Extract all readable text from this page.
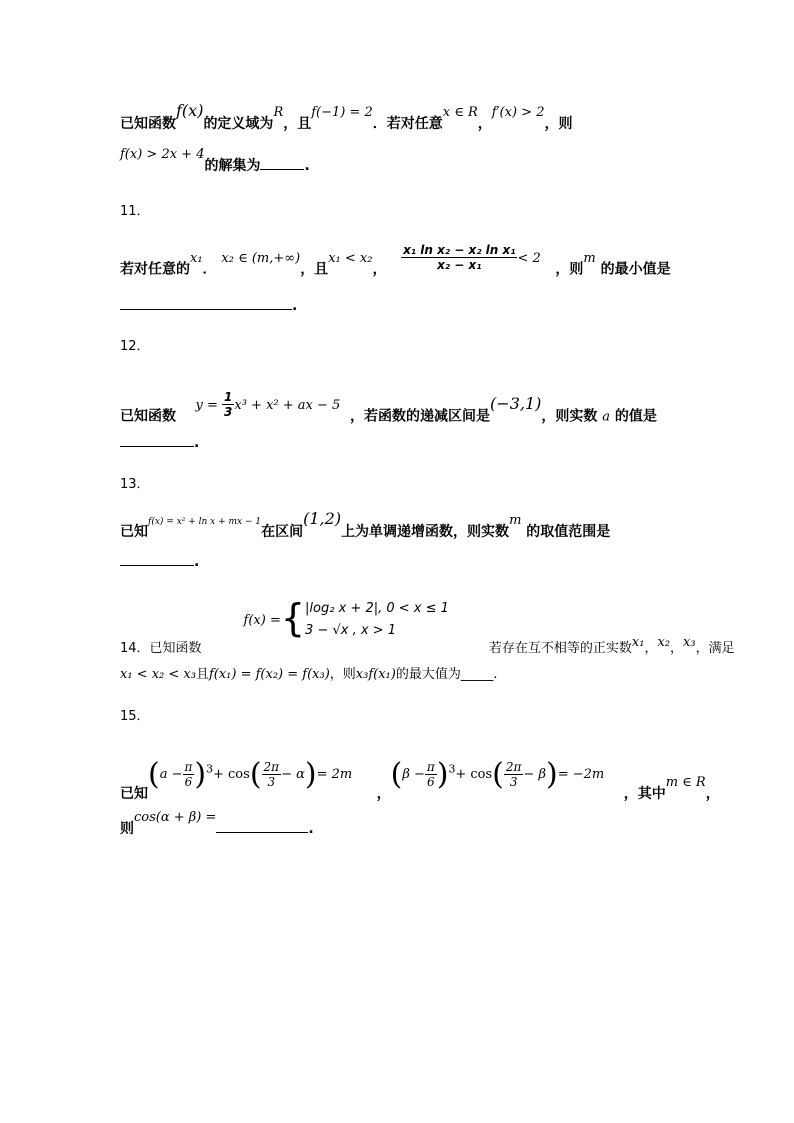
已知函数f(x)的定义域为R，且f(−1) = 2．若对任意x ∈ R，f′(x) > 2，则
f(x) > 2x + 4的解集为	.
11．
若对任意的x₁． x₂ ∈ (m,+∞)，且x₁ < x₂， $\frac{\text{x₁ ln x₂ − x₂ ln x₁}}{\text{x₂ − x₁}} < 2$   ，则m 的最小值是
.
12．
已知函数    $y = \frac{1}{3} x^3 + x^2$ + ax − 5  ，若函数的递减区间是(−3,1)，则实数 a 的值是
.
13．
已知$^{f(x) = x^2 + ln x + mx - 1}$在区间(1,2)上为单调递增函数，则实数m 的取值范围是
.
14．已知函数f(x) ={ |log₂ x + 2|, 0 < x ≤ 1
3 − √x , x > 1
若存在互不相等的正实数x₁，x₂，x₃，满足
x₁ < x₂ < x₃且f(x₁) = f(x₂) = f(x₃)，则x₃f(x₁)的最大值为_____.
15．
已知$(a - \frac{\pi}{6} )^3+ \cos( \frac{2\pi}{3} - \alpha)= 2m$     ，$(\beta - \frac{\pi}{6} )^3+ \cos( \frac{2\pi}{3} - \beta)= -2m$    ，其中m ∈ R，
则cos(α + β) =.
